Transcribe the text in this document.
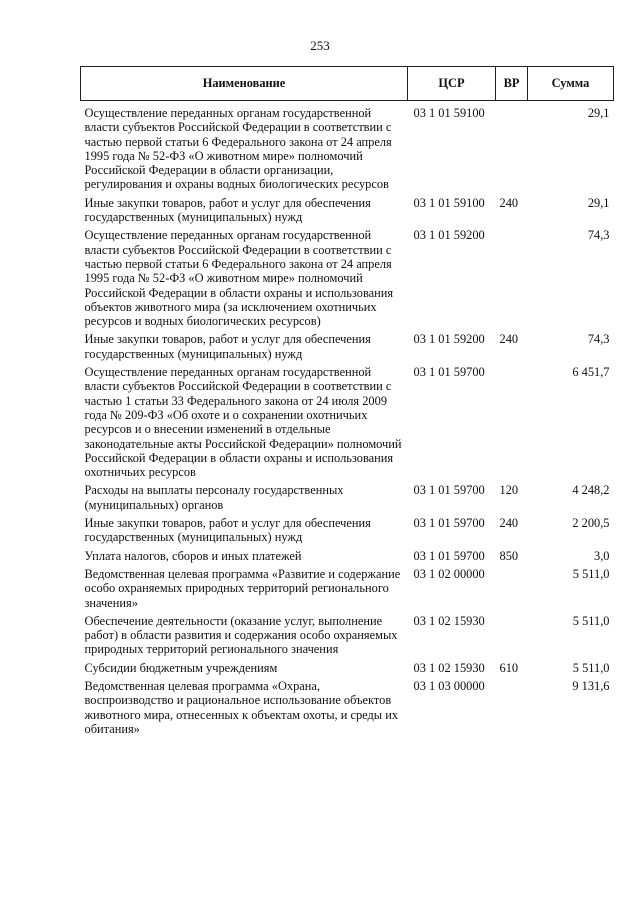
253
Наименование	ЦСР	ВР	Сумма
Осуществление переданных органам государственной власти субъектов Российской Федерации в соответствии с частью первой статьи 6 Федерального закона от 24 апреля 1995 года № 52-ФЗ «О животном мире» полномочий Российской Федерации в области организации, регулирования и охраны водных биологических ресурсов	03 1 01 59100		29,1
Иные закупки товаров, работ и услуг для обеспечения государственных (муниципальных) нужд	03 1 01 59100	240	29,1
Осуществление переданных органам государственной власти субъектов Российской Федерации в соответствии с частью первой статьи 6 Федерального закона от 24 апреля 1995 года № 52-ФЗ «О животном мире» полномочий Российской Федерации в области охраны и использования объектов животного мира (за исключением охотничьих ресурсов и водных биологических ресурсов)	03 1 01 59200		74,3
Иные закупки товаров, работ и услуг для обеспечения государственных (муниципальных) нужд	03 1 01 59200	240	74,3
Осуществление переданных органам государственной власти субъектов Российской Федерации в соответствии с частью 1 статьи 33 Федерального закона от 24 июля 2009 года № 209-ФЗ «Об охоте и о сохранении охотничьих ресурсов и о внесении изменений в отдельные законодательные акты Российской Федерации» полномочий Российской Федерации в области охраны и использования охотничьих ресурсов	03 1 01 59700		6 451,7
Расходы на выплаты персоналу государственных (муниципальных) органов	03 1 01 59700	120	4 248,2
Иные закупки товаров, работ и услуг для обеспечения государственных (муниципальных) нужд	03 1 01 59700	240	2 200,5
Уплата налогов, сборов и иных платежей	03 1 01 59700	850	3,0
Ведомственная целевая программа «Развитие и содержание особо охраняемых природных территорий регионального значения»	03 1 02 00000		5 511,0
Обеспечение деятельности (оказание услуг, выполнение работ) в области развития и содержания особо охраняемых природных территорий регионального значения	03 1 02 15930		5 511,0
Субсидии бюджетным учреждениям	03 1 02 15930	610	5 511,0
Ведомственная целевая программа «Охрана, воспроизводство и рациональное использование объектов животного мира, отнесенных к объектам охоты, и среды их обитания»	03 1 03 00000		9 131,6
